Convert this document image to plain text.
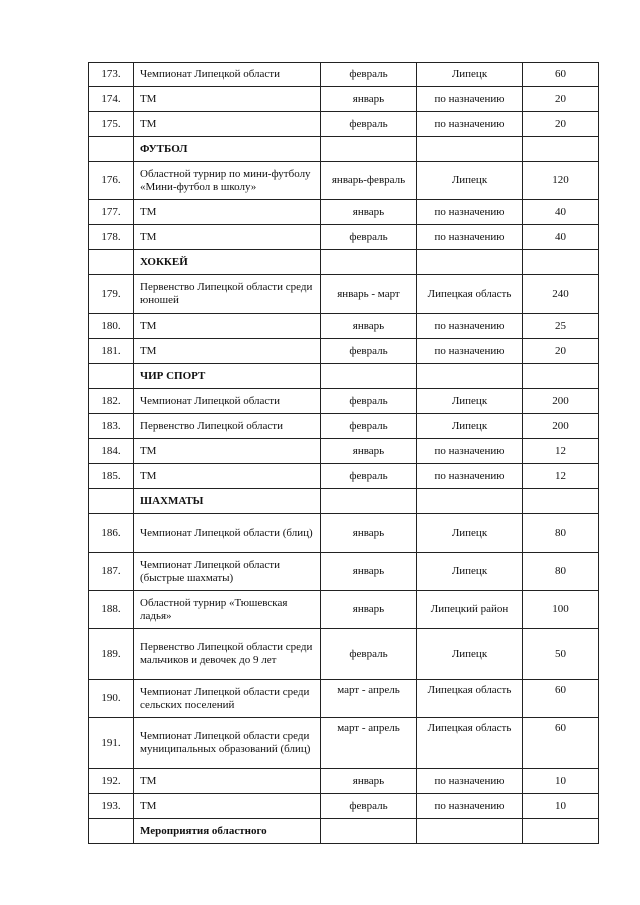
173.	Чемпионат Липецкой области	февраль	Липецк	60
174.	ТМ	январь	по назначению	20
175.	ТМ	февраль	по назначению	20
	ФУТБОЛ			
176.	Областной турнир по мини-футболу «Мини-футбол в школу»	январь-февраль	Липецк	120
177.	ТМ	январь	по назначению	40
178.	ТМ	февраль	по назначению	40
	ХОККЕЙ			
179.	Первенство Липецкой области среди юношей	январь - март	Липецкая область	240
180.	ТМ	январь	по назначению	25
181.	ТМ	февраль	по назначению	20
	ЧИР СПОРТ			
182.	Чемпионат Липецкой области	февраль	Липецк	200
183.	Первенство Липецкой области	февраль	Липецк	200
184.	ТМ	январь	по назначению	12
185.	ТМ	февраль	по назначению	12
	ШАХМАТЫ			
186.	Чемпионат Липецкой области (блиц)	январь	Липецк	80
187.	Чемпионат Липецкой области (быстрые шахматы)	январь	Липецк	80
188.	Областной турнир «Тюшевская ладья»	январь	Липецкий район	100
189.	Первенство Липецкой области среди мальчиков и девочек до 9 лет	февраль	Липецк	50
190.	Чемпионат Липецкой области среди сельских поселений	март - апрель	Липецкая область	60
191.	Чемпионат Липецкой области среди муниципальных образований (блиц)	март - апрель	Липецкая область	60
192.	ТМ	январь	по назначению	10
193.	ТМ	февраль	по назначению	10
	Мероприятия областного			
